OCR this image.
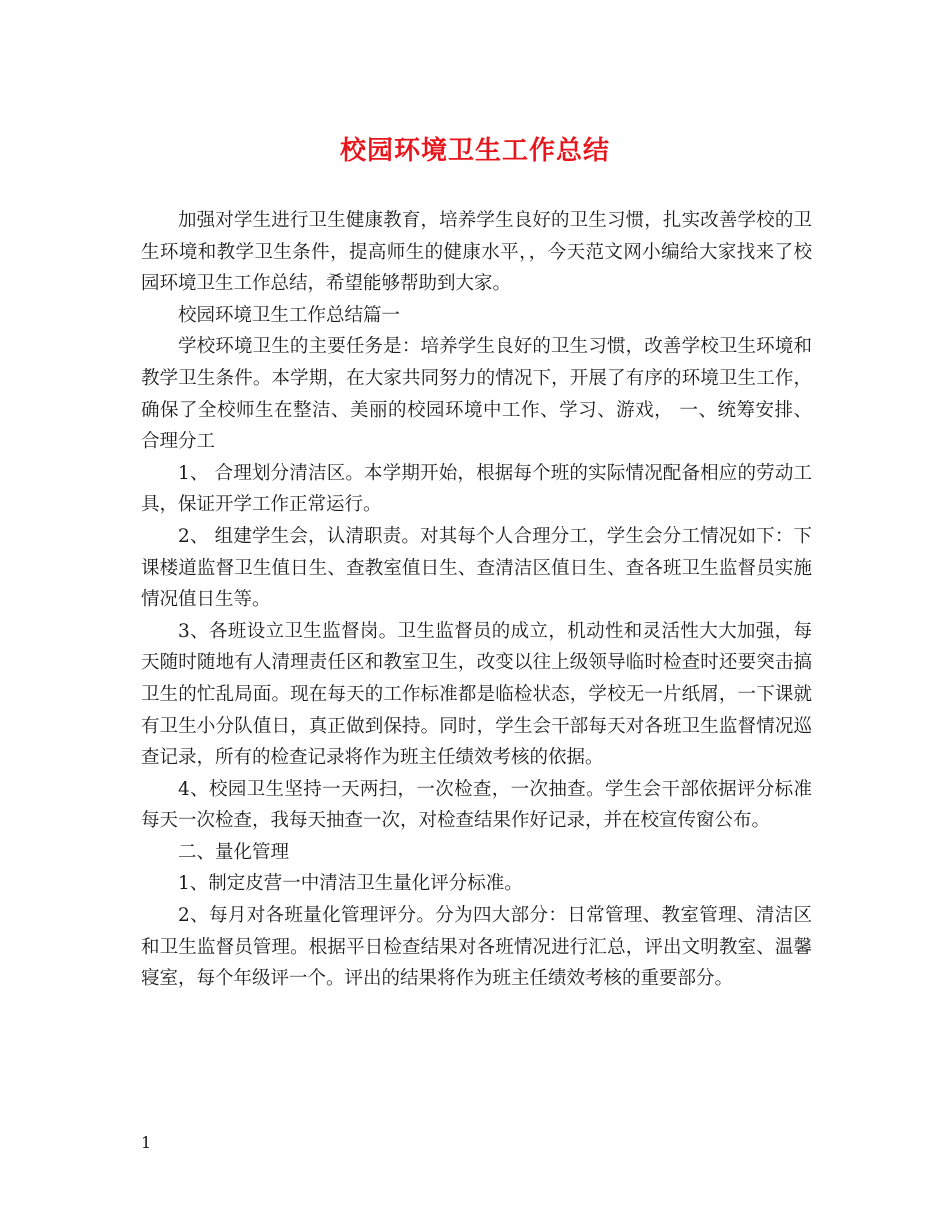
校园环境卫生工作总结

加强对学生进行卫生健康教育，培养学生良好的卫生习惯，扎实改善学校的卫生环境和教学卫生条件，提高师生的健康水平，，今天范文网小编给大家找来了校园环境卫生工作总结，希望能够帮助到大家。

校园环境卫生工作总结篇一

学校环境卫生的主要任务是：培养学生良好的卫生习惯，改善学校卫生环境和教学卫生条件。本学期，在大家共同努力的情况下，开展了有序的环境卫生工作，确保了全校师生在整洁、美丽的校园环境中工作、学习、游戏， 一、统筹安排、合理分工

1、 合理划分清洁区。本学期开始，根据每个班的实际情况配备相应的劳动工具，保证开学工作正常运行。

2、 组建学生会，认清职责。对其每个人合理分工，学生会分工情况如下：下课楼道监督卫生值日生、查教室值日生、查清洁区值日生、查各班卫生监督员实施情况值日生等。

3、各班设立卫生监督岗。卫生监督员的成立，机动性和灵活性大大加强，每天随时随地有人清理责任区和教室卫生，改变以往上级领导临时检查时还要突击搞卫生的忙乱局面。现在每天的工作标准都是临检状态，学校无一片纸屑，一下课就有卫生小分队值日，真正做到保持。同时，学生会干部每天对各班卫生监督情况巡查记录，所有的检查记录将作为班主任绩效考核的依据。

4、校园卫生坚持一天两扫，一次检查，一次抽查。学生会干部依据评分标准每天一次检查，我每天抽查一次，对检查结果作好记录，并在校宣传窗公布。

二、量化管理

1、制定皮营一中清洁卫生量化评分标准。

2、每月对各班量化管理评分。分为四大部分：日常管理、教室管理、清洁区和卫生监督员管理。根据平日检查结果对各班情况进行汇总，评出文明教室、温馨寝室，每个年级评一个。评出的结果将作为班主任绩效考核的重要部分。

1
